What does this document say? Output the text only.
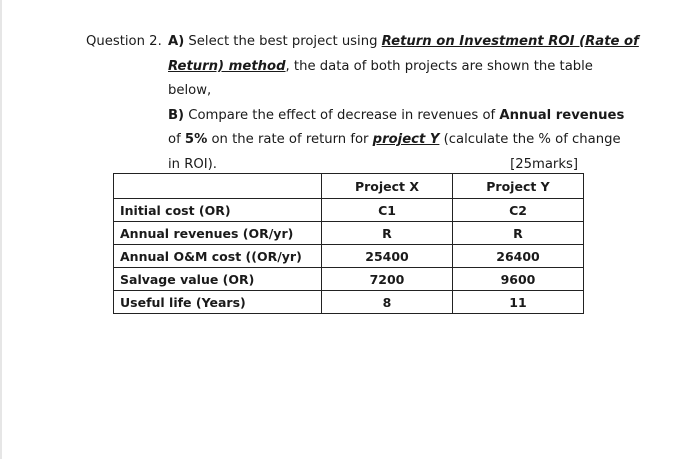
Question 2. A) Select the best project using Return on Investment ROI (Rate of
Return) method, the data of both projects are shown the table
below,
B) Compare the effect of decrease in revenues of Annual revenues
of 5% on the rate of return for project Y (calculate the % of change
in ROI).	[25marks]
	Project X	Project Y
Initial cost (OR)	C1	C2
Annual revenues (OR/yr)	R	R
Annual O&M cost ((OR/yr)	25400	26400
Salvage value (OR)	7200	9600
Useful life (Years)	8	11
